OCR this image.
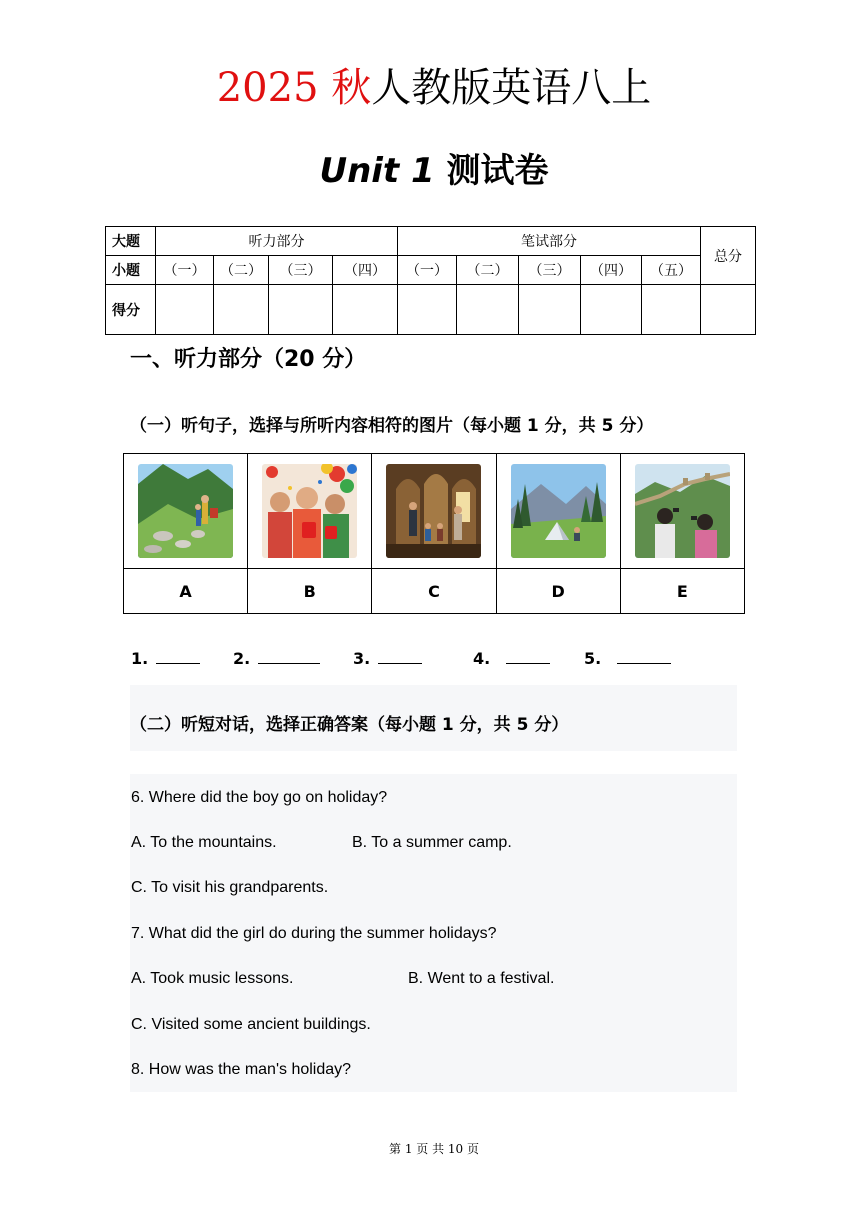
2025 秋人教版英语八上
Unit 1 测试卷
大题	听力部分				笔试部分					总分
小题	（一）	（二）	（三）	（四）	（一）	（二）	（三）	（四）	（五）	
得分										
一、听力部分（20 分）
（一）听句子，选择与所听内容相符的图片（每小题 1 分，共 5 分）

A	B	C	D	E
1.	2.	3.	4.	5.
（二）听短对话，选择正确答案（每小题 1 分，共 5 分）
6. Where did the boy go on holiday?
A. To the mountains.	B. To a summer camp.
C. To visit his grandparents.
7. What did the girl do during the summer holidays?
A. Took music lessons.	B. Went to a festival.
C. Visited some ancient buildings.
8. How was the man's holiday?
第 1 页 共 10 页
